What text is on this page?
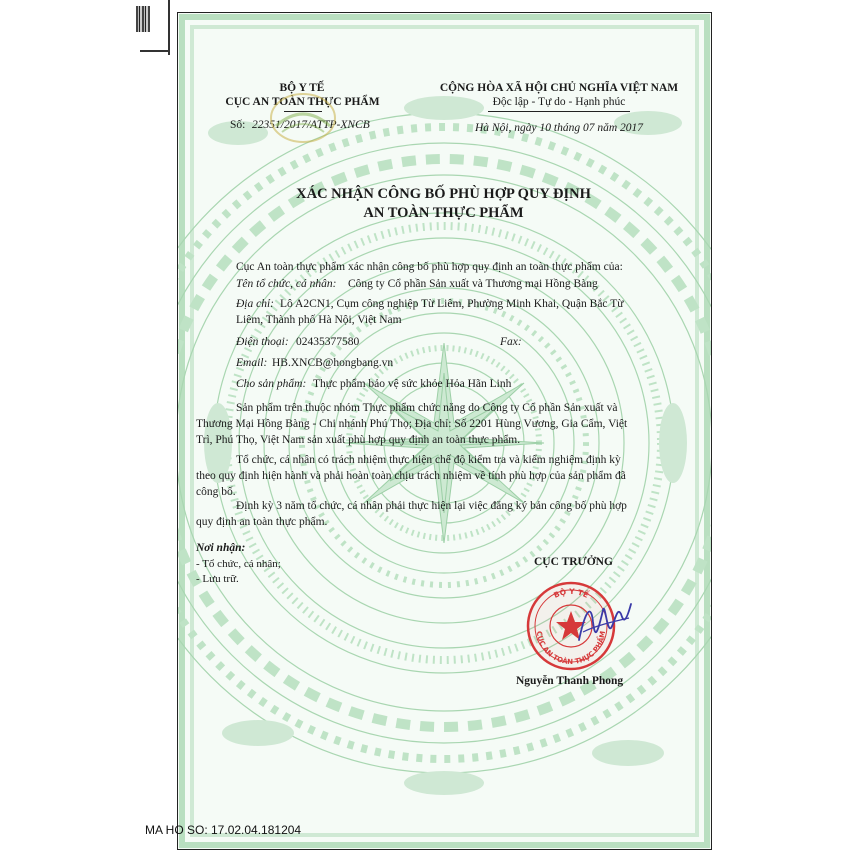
BỘ Y TẾ
CỤC AN TOÀN THỰC PHẨM
Số: 22351/2017/ATTP-XNCB
CỘNG HÒA XÃ HỘI CHỦ NGHĨA VIỆT NAM
Độc lập - Tự do - Hạnh phúc
Hà Nội, ngày 10 tháng 07 năm 2017
XÁC NHẬN CÔNG BỐ PHÙ HỢP QUY ĐỊNH
AN TOÀN THỰC PHẨM
Cục An toàn thực phẩm xác nhận công bố phù hợp quy định an toàn thực phẩm của:
Tên tổ chức, cá nhân: Công ty Cổ phần Sản xuất và Thương mại Hồng Bàng
Địa chỉ: Lô A2CN1, Cụm công nghiệp Từ Liêm, Phường Minh Khai, Quận Bắc Từ
Liêm, Thành phố Hà Nội, Việt Nam
Điện thoại: 02435377580	Fax:
Email: HB.XNCB@hongbang.vn
Cho sản phẩm: Thực phẩm bảo vệ sức khỏe Hỏa Hãn Linh
Sản phẩm trên thuộc nhóm Thực phẩm chức năng do Công ty Cổ phần Sản xuất và
Thương Mại Hồng Bàng - Chi nhánh Phú Thọ; Địa chỉ: Số 2201 Hùng Vương, Gia Cẩm, Việt
Trì, Phú Thọ, Việt Nam sản xuất phù hợp quy định an toàn thực phẩm.
Tổ chức, cá nhân có trách nhiệm thực hiện chế độ kiểm tra và kiểm nghiệm định kỳ
theo quy định hiện hành và phải hoàn toàn chịu trách nhiệm về tính phù hợp của sản phẩm đã
công bố.
Định kỳ 3 năm tổ chức, cá nhân phải thực hiện lại việc đăng ký bản công bố phù hợp
quy định an toàn thực phẩm.
Nơi nhận:
- Tổ chức, cá nhân;
- Lưu trữ.
CỤC TRƯỞNG
BỘ Y TẾ
CỤC AN TOÀN THỰC PHẨM
Nguyễn Thanh Phong
MA HO SO: 17.02.04.181204
